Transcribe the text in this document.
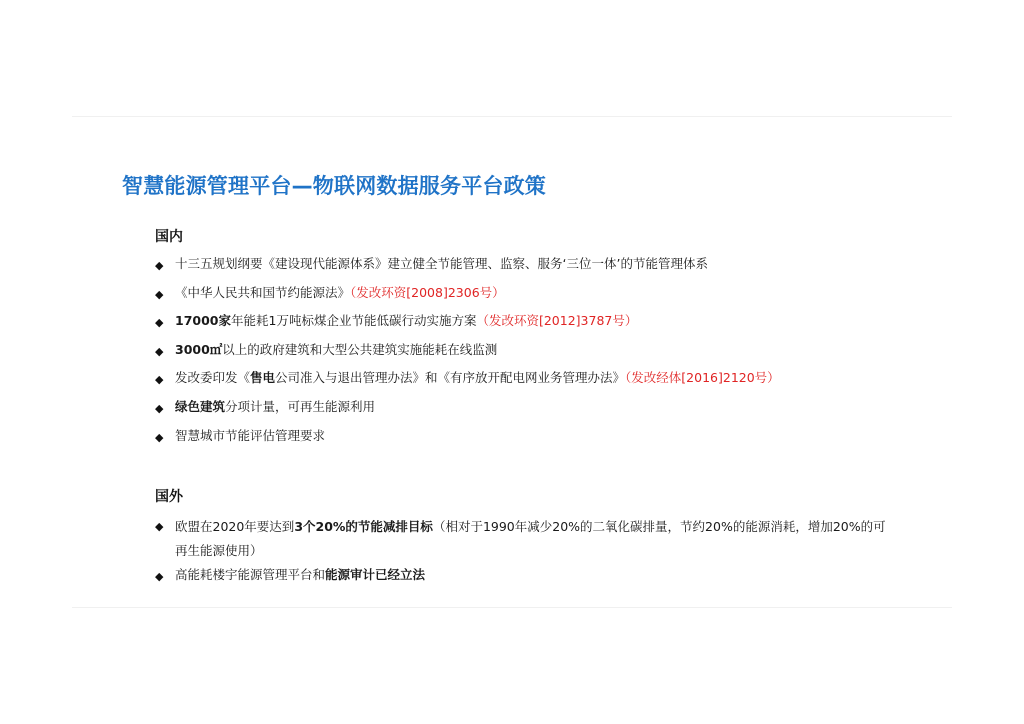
智慧能源管理平台—物联网数据服务平台政策
国内
◆ 十三五规划纲要《建设现代能源体系》建立健全节能管理、监察、服务‘三位一体’的节能管理体系
◆ 《中华人民共和国节约能源法》（发改环资[2008]2306号）
◆ 17000家年能耗1万吨标煤企业节能低碳行动实施方案（发改环资[2012]3787号）
◆ 3000㎡以上的政府建筑和大型公共建筑实施能耗在线监测
◆ 发改委印发《售电公司准入与退出管理办法》和《有序放开配电网业务管理办法》（发改经体[2016]2120号）
◆ 绿色建筑分项计量，可再生能源利用
◆ 智慧城市节能评估管理要求
国外
◆ 欧盟在2020年要达到3个20%的节能减排目标（相对于1990年减少20%的二氧化碳排量，节约20%的能源消耗，增加20%的可再生能源使用）
◆ 高能耗楼宇能源管理平台和能源审计已经立法
